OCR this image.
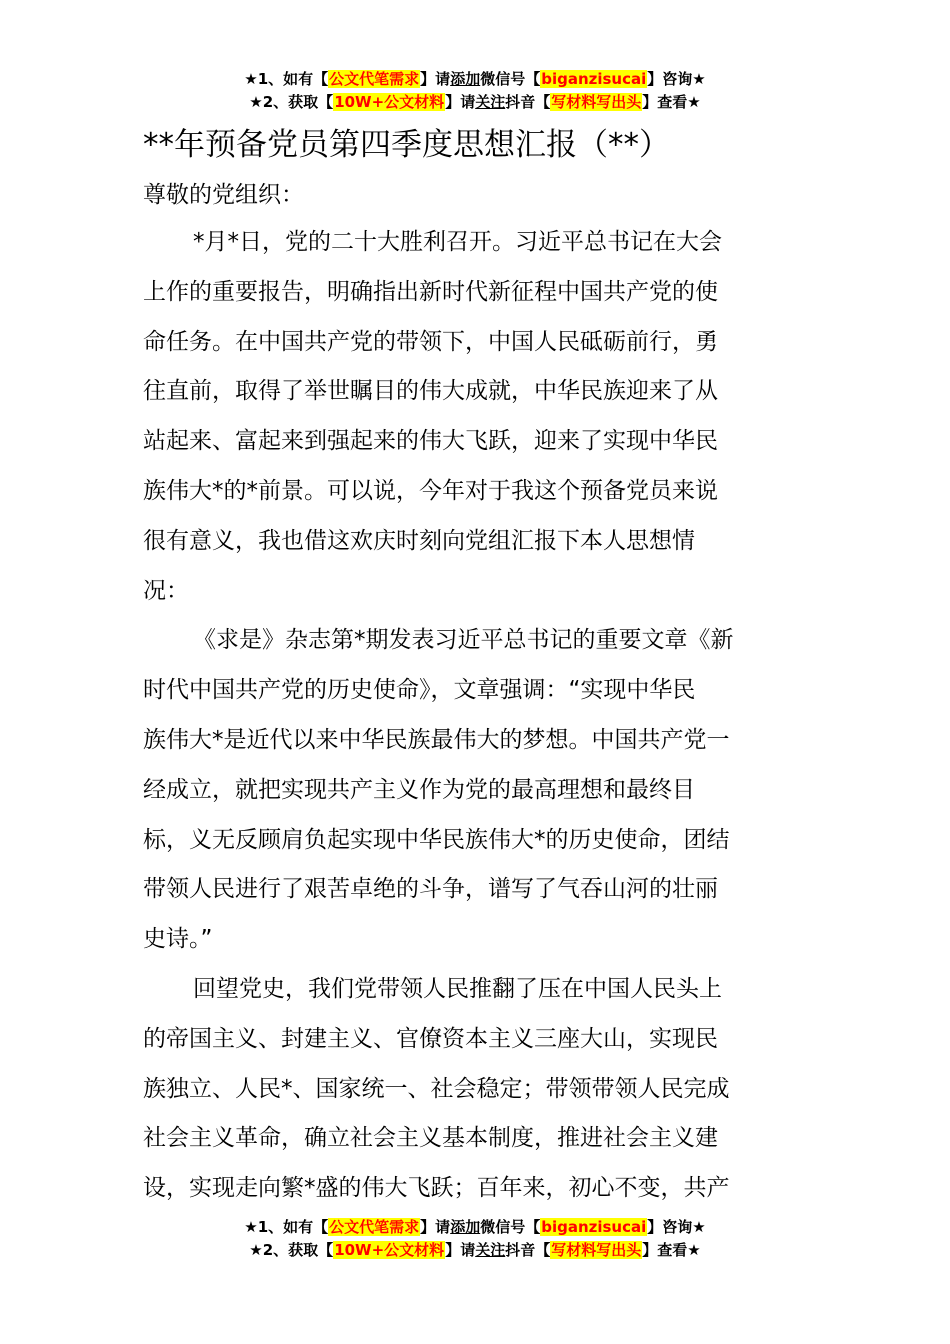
★1、如有【公文代笔需求】请添加微信号【biganzisucai】咨询★
★2、获取【10W+公文材料】请关注抖音【写材料写出头】查看★
**年预备党员第四季度思想汇报（**）
尊敬的党组织：
*月*日，党的二十大胜利召开。习近平总书记在大会
上作的重要报告，明确指出新时代新征程中国共产党的使
命任务。在中国共产党的带领下，中国人民砥砺前行，勇
往直前，取得了举世瞩目的伟大成就，中华民族迎来了从
站起来、富起来到强起来的伟大飞跃，迎来了实现中华民
族伟大*的*前景。可以说，今年对于我这个预备党员来说
很有意义，我也借这欢庆时刻向党组汇报下本人思想情
况：
《求是》杂志第*期发表习近平总书记的重要文章《新
时代中国共产党的历史使命》，文章强调：“实现中华民
族伟大*是近代以来中华民族最伟大的梦想。中国共产党一
经成立，就把实现共产主义作为党的最高理想和最终目
标，义无反顾肩负起实现中华民族伟大*的历史使命，团结
带领人民进行了艰苦卓绝的斗争，谱写了气吞山河的壮丽
史诗。”
回望党史，我们党带领人民推翻了压在中国人民头上
的帝国主义、封建主义、官僚资本主义三座大山，实现民
族独立、人民*、国家统一、社会稳定；带领带领人民完成
社会主义革命，确立社会主义基本制度，推进社会主义建
设，实现走向繁*盛的伟大飞跃；百年来，初心不变，共产
★1、如有【公文代笔需求】请添加微信号【biganzisucai】咨询★
★2、获取【10W+公文材料】请关注抖音【写材料写出头】查看★
